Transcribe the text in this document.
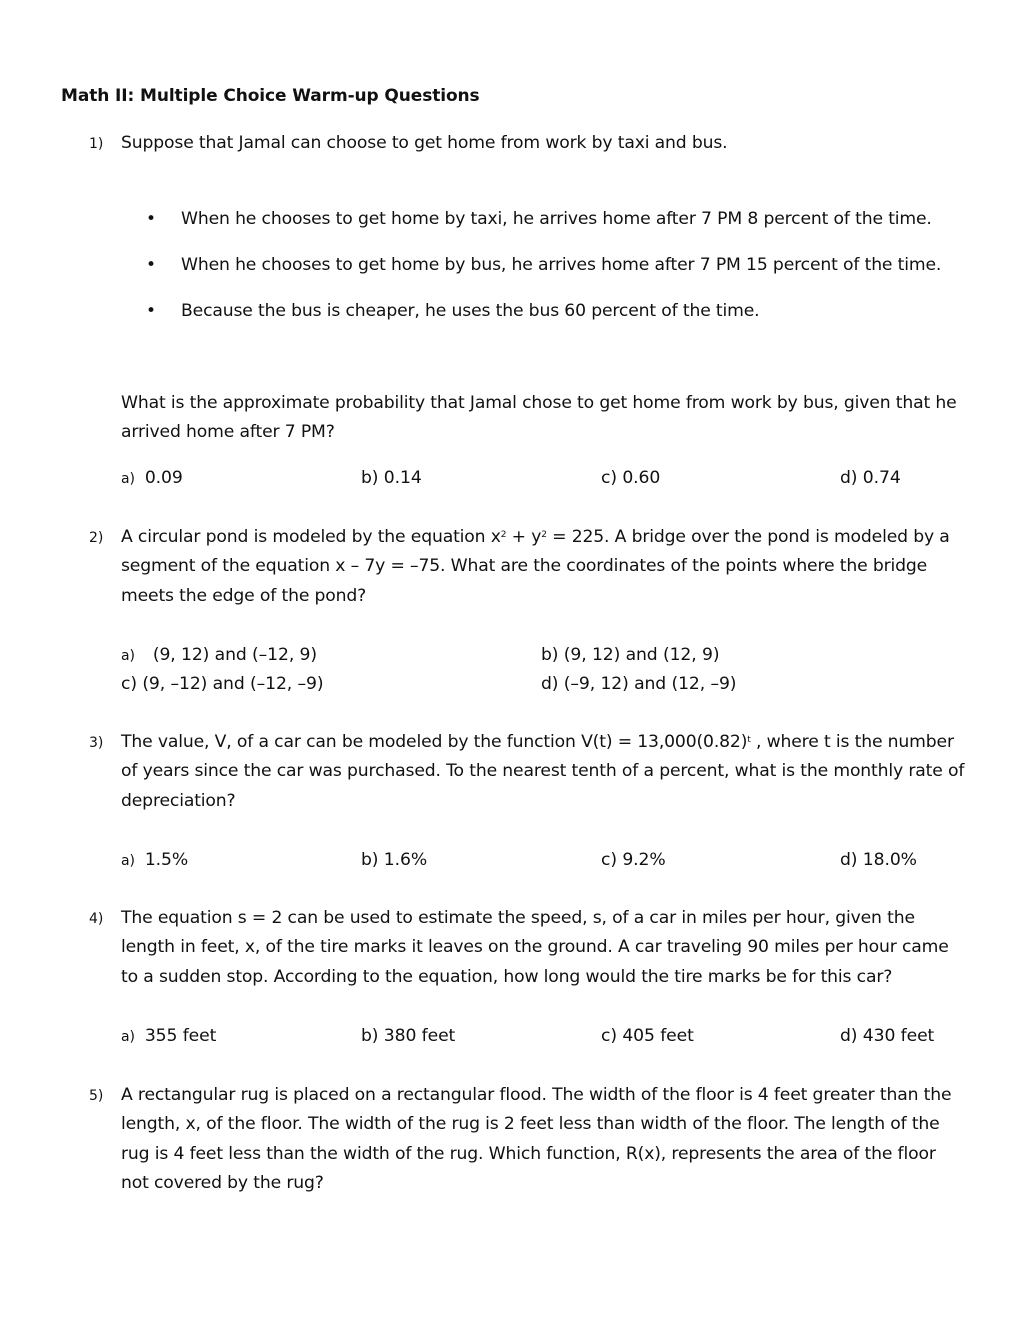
Math II: Multiple Choice Warm-up Questions
1) Suppose that Jamal can choose to get home from work by taxi and bus.
• When he chooses to get home by taxi, he arrives home after 7 PM 8 percent of the time.
• When he chooses to get home by bus, he arrives home after 7 PM 15 percent of the time.
• Because the bus is cheaper, he uses the bus 60 percent of the time.
What is the approximate probability that Jamal chose to get home from work by bus, given that he arrived home after 7 PM?
a) 0.09	b) 0.14	c) 0.60	d) 0.74
2) A circular pond is modeled by the equation $x^2 + y^2 = 225$. A bridge over the pond is modeled by a segment of the equation x – 7y = –75. What are the coordinates of the points where the bridge meets the edge of the pond?
a) (9, 12) and (–12, 9)	b) (9, 12) and (12, 9)
c) (9, –12) and (–12, –9)	d) (–9, 12) and (12, –9)
3) The value, V, of a car can be modeled by the function $V(t) = 13,000(0.82)^t$ , where t is the number of years since the car was purchased. To the nearest tenth of a percent, what is the monthly rate of depreciation?
a) 1.5%	b) 1.6%	c) 9.2%	d) 18.0%
4) The equation s = 2 can be used to estimate the speed, s, of a car in miles per hour, given the length in feet, x, of the tire marks it leaves on the ground. A car traveling 90 miles per hour came to a sudden stop. According to the equation, how long would the tire marks be for this car?
a) 355 feet	b) 380 feet	c) 405 feet	d) 430 feet
5) A rectangular rug is placed on a rectangular flood. The width of the floor is 4 feet greater than the length, x, of the floor. The width of the rug is 2 feet less than width of the floor. The length of the rug is 4 feet less than the width of the rug. Which function, R(x), represents the area of the floor not covered by the rug?
